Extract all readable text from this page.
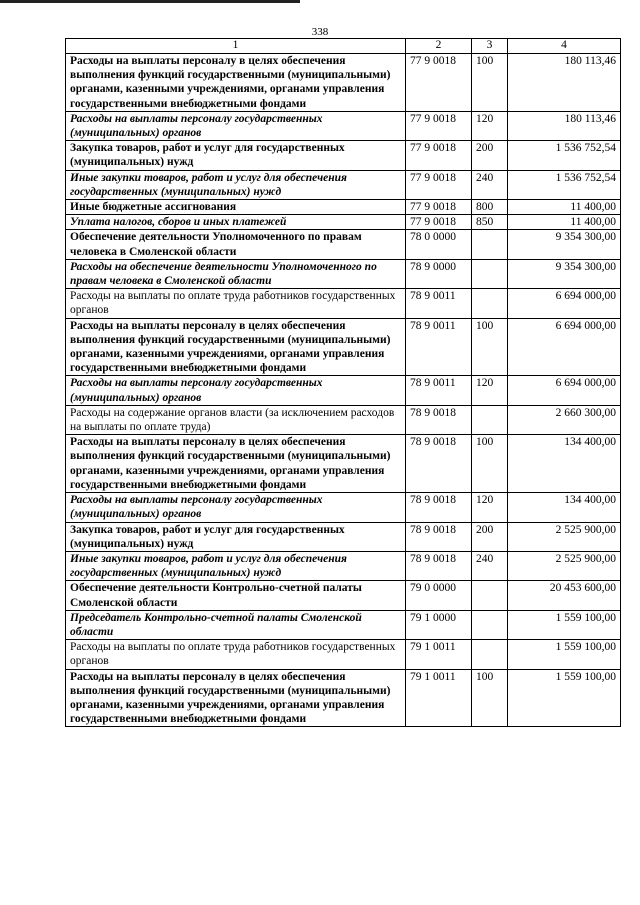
338
1	2	3	4
Расходы на выплаты персоналу в целях обеспечения выполнения функций государственными (муниципальными) органами, казенными учреждениями, органами управления государственными внебюджетными фондами	77 9 0018	100	180 113,46
Расходы на выплаты персоналу государственных (муниципальных) органов	77 9 0018	120	180 113,46
Закупка товаров, работ и услуг для государственных (муниципальных) нужд	77 9 0018	200	1 536 752,54
Иные закупки товаров, работ и услуг для обеспечения государственных (муниципальных) нужд	77 9 0018	240	1 536 752,54
Иные бюджетные ассигнования	77 9 0018	800	11 400,00
Уплата налогов, сборов и иных платежей	77 9 0018	850	11 400,00
Обеспечение деятельности Уполномоченного по правам человека в Смоленской области	78 0 0000		9 354 300,00
Расходы на обеспечение деятельности Уполномоченного по правам человека в Смоленской области	78 9 0000		9 354 300,00
Расходы на выплаты по оплате труда работников государственных органов	78 9 0011		6 694 000,00
Расходы на выплаты персоналу в целях обеспечения выполнения функций государственными (муниципальными) органами, казенными учреждениями, органами управления государственными внебюджетными фондами	78 9 0011	100	6 694 000,00
Расходы на выплаты персоналу государственных (муниципальных) органов	78 9 0011	120	6 694 000,00
Расходы на содержание органов власти (за исключением расходов на выплаты по оплате труда)	78 9 0018		2 660 300,00
Расходы на выплаты персоналу в целях обеспечения выполнения функций государственными (муниципальными) органами, казенными учреждениями, органами управления государственными внебюджетными фондами	78 9 0018	100	134 400,00
Расходы на выплаты персоналу государственных (муниципальных) органов	78 9 0018	120	134 400,00
Закупка товаров, работ и услуг для государственных (муниципальных) нужд	78 9 0018	200	2 525 900,00
Иные закупки товаров, работ и услуг для обеспечения государственных (муниципальных) нужд	78 9 0018	240	2 525 900,00
Обеспечение деятельности Контрольно-счетной палаты Смоленской области	79 0 0000		20 453 600,00
Председатель Контрольно-счетной палаты Смоленской области	79 1 0000		1 559 100,00
Расходы на выплаты по оплате труда работников государственных органов	79 1 0011		1 559 100,00
Расходы на выплаты персоналу в целях обеспечения выполнения функций государственными (муниципальными) органами, казенными учреждениями, органами управления государственными внебюджетными фондами	79 1 0011	100	1 559 100,00
